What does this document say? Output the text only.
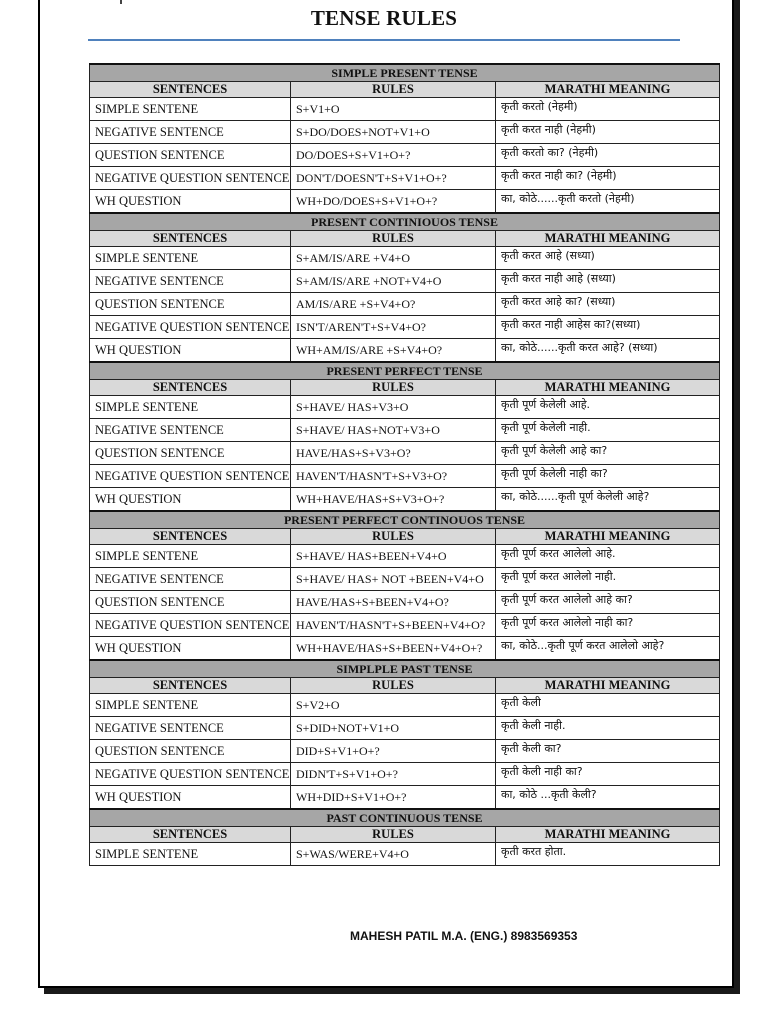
TENSE RULES
SIMPLE PRESENT TENSE		
SENTENCES	RULES	MARATHI MEANING
SIMPLE SENTENE	S+V1+O	कृती करतो (नेहमी)
NEGATIVE SENTENCE	S+DO/DOES+NOT+V1+O	कृती करत नाही (नेहमी)
QUESTION SENTENCE	DO/DOES+S+V1+O+?	कृती करतो का? (नेहमी)
NEGATIVE QUESTION SENTENCE	DON'T/DOESN'T+S+V1+O+?	कृती करत नाही का? (नेहमी)
WH QUESTION	WH+DO/DOES+S+V1+O+?	का, कोठे......कृती करतो (नेहमी)
PRESENT CONTINIOUOS TENSE		
SENTENCES	RULES	MARATHI MEANING
SIMPLE SENTENE	S+AM/IS/ARE +V4+O	कृती करत आहे (सध्या)
NEGATIVE SENTENCE	S+AM/IS/ARE +NOT+V4+O	कृती करत नाही आहे (सध्या)
QUESTION SENTENCE	AM/IS/ARE +S+V4+O?	कृती करत आहे का? (सध्या)
NEGATIVE QUESTION SENTENCE	ISN'T/AREN'T+S+V4+O?	कृती करत नाही आहेस का?(सध्या)
WH QUESTION	WH+AM/IS/ARE +S+V4+O?	का, कोठे......कृती करत आहे? (सध्या)
PRESENT PERFECT TENSE		
SENTENCES	RULES	MARATHI MEANING
SIMPLE SENTENE	S+HAVE/ HAS+V3+O	कृती पूर्ण केलेली आहे.
NEGATIVE SENTENCE	S+HAVE/ HAS+NOT+V3+O	कृती पूर्ण केलेली नाही.
QUESTION SENTENCE	HAVE/HAS+S+V3+O?	कृती पूर्ण केलेली आहे का?
NEGATIVE QUESTION SENTENCE	HAVEN'T/HASN'T+S+V3+O?	कृती पूर्ण केलेली नाही का?
WH QUESTION	WH+HAVE/HAS+S+V3+O+?	का, कोठे......कृती पूर्ण केलेली आहे?
PRESENT PERFECT CONTINOUOS TENSE		
SENTENCES	RULES	MARATHI MEANING
SIMPLE SENTENE	S+HAVE/ HAS+BEEN+V4+O	कृती पूर्ण करत आलेलो आहे.
NEGATIVE SENTENCE	S+HAVE/ HAS+ NOT +BEEN+V4+O	कृती पूर्ण करत आलेलो नाही.
QUESTION SENTENCE	HAVE/HAS+S+BEEN+V4+O?	कृती पूर्ण करत आलेलो आहे का?
NEGATIVE QUESTION SENTENCE	HAVEN'T/HASN'T+S+BEEN+V4+O?	कृती पूर्ण करत आलेलो नाही का?
WH QUESTION	WH+HAVE/HAS+S+BEEN+V4+O+?	का, कोठे...कृती पूर्ण करत आलेलो आहे?
SIMPLPLE PAST TENSE		
SENTENCES	RULES	MARATHI MEANING
SIMPLE SENTENE	S+V2+O	कृती केली
NEGATIVE SENTENCE	S+DID+NOT+V1+O	कृती केली नाही.
QUESTION SENTENCE	DID+S+V1+O+?	कृती केली का?
NEGATIVE QUESTION SENTENCE	DIDN'T+S+V1+O+?	कृती केली नाही का?
WH QUESTION	WH+DID+S+V1+O+?	का, कोठे ...कृती केली?
PAST CONTINUOUS TENSE		
SENTENCES	RULES	MARATHI MEANING
SIMPLE SENTENE	S+WAS/WERE+V4+O	कृती करत होता.
MAHESH PATIL M.A. (ENG.) 8983569353
